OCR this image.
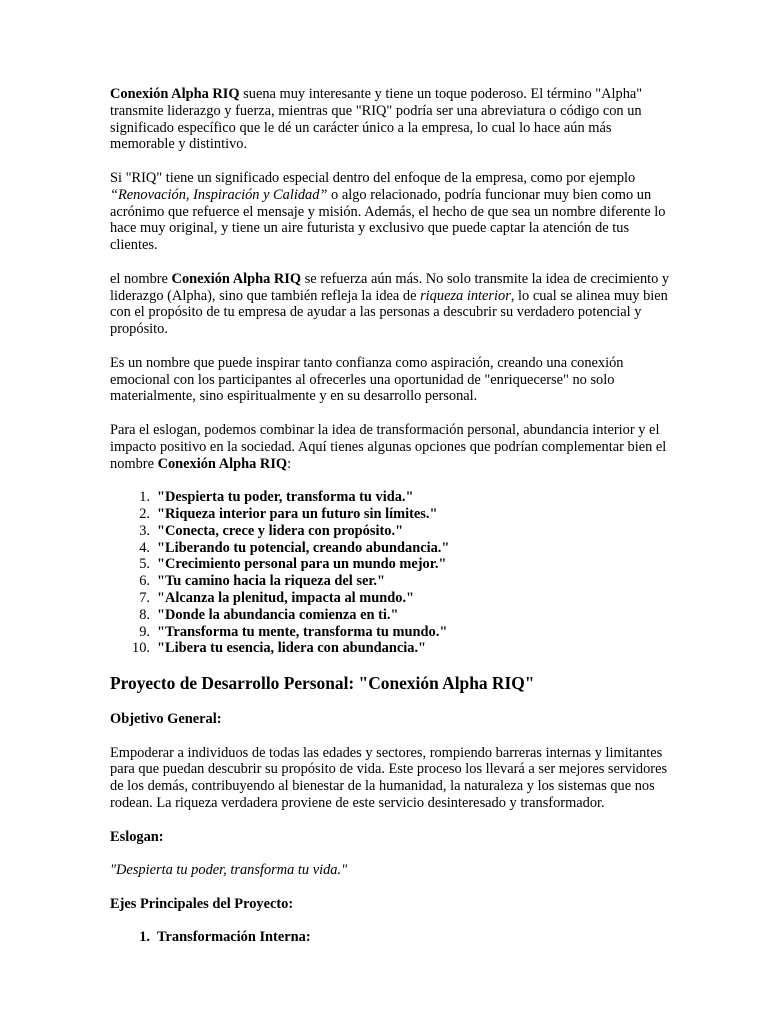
Conexión Alpha RIQ suena muy interesante y tiene un toque poderoso. El término "Alpha" transmite liderazgo y fuerza, mientras que "RIQ" podría ser una abreviatura o código con un significado específico que le dé un carácter único a la empresa, lo cual lo hace aún más memorable y distintivo.

Si "RIQ" tiene un significado especial dentro del enfoque de la empresa, como por ejemplo “Renovación, Inspiración y Calidad” o algo relacionado, podría funcionar muy bien como un acrónimo que refuerce el mensaje y misión. Además, el hecho de que sea un nombre diferente lo hace muy original, y tiene un aire futurista y exclusivo que puede captar la atención de tus clientes.

el nombre Conexión Alpha RIQ se refuerza aún más. No solo transmite la idea de crecimiento y liderazgo (Alpha), sino que también refleja la idea de riqueza interior, lo cual se alinea muy bien con el propósito de tu empresa de ayudar a las personas a descubrir su verdadero potencial y propósito.

Es un nombre que puede inspirar tanto confianza como aspiración, creando una conexión emocional con los participantes al ofrecerles una oportunidad de "enriquecerse" no solo materialmente, sino espiritualmente y en su desarrollo personal.

Para el eslogan, podemos combinar la idea de transformación personal, abundancia interior y el impacto positivo en la sociedad. Aquí tienes algunas opciones que podrían complementar bien el nombre Conexión Alpha RIQ:

1. "Despierta tu poder, transforma tu vida."
2. "Riqueza interior para un futuro sin límites."
3. "Conecta, crece y lidera con propósito."
4. "Liberando tu potencial, creando abundancia."
5. "Crecimiento personal para un mundo mejor."
6. "Tu camino hacia la riqueza del ser."
7. "Alcanza la plenitud, impacta al mundo."
8. "Donde la abundancia comienza en ti."
9. "Transforma tu mente, transforma tu mundo."
10. "Libera tu esencia, lidera con abundancia."
Proyecto de Desarrollo Personal: "Conexión Alpha RIQ"

Objetivo General:

Empoderar a individuos de todas las edades y sectores, rompiendo barreras internas y limitantes para que puedan descubrir su propósito de vida. Este proceso los llevará a ser mejores servidores de los demás, contribuyendo al bienestar de la humanidad, la naturaleza y los sistemas que nos rodean. La riqueza verdadera proviene de este servicio desinteresado y transformador.

Eslogan:

"Despierta tu poder, transforma tu vida."

Ejes Principales del Proyecto:

1. Transformación Interna:
